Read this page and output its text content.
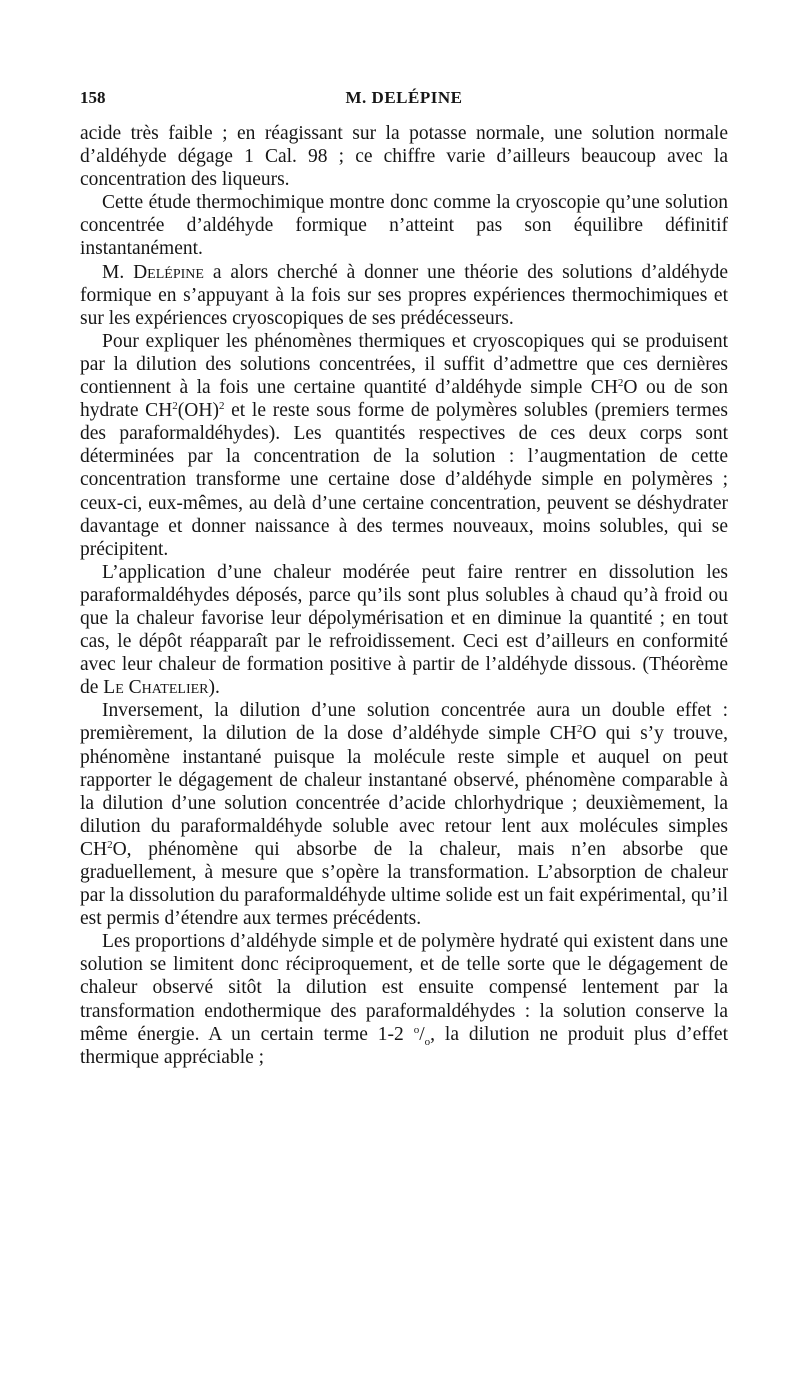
158	M. DELÉPINE

acide très faible ; en réagissant sur la potasse normale, une solution normale d’aldéhyde dégage 1 Cal. 98 ; ce chiffre varie d’ailleurs beaucoup avec la concentration des liqueurs.

Cette étude thermochimique montre donc comme la cryoscopie qu’une solution concentrée d’aldéhyde formique n’atteint pas son équilibre définitif instantanément.

M. Delépine a alors cherché à donner une théorie des solutions d’aldéhyde formique en s’appuyant à la fois sur ses propres expériences thermochimiques et sur les expériences cryoscopiques de ses prédécesseurs.

Pour expliquer les phénomènes thermiques et cryoscopiques qui se produisent par la dilution des solutions concentrées, il suffit d’admettre que ces dernières contiennent à la fois une certaine quantité d’aldéhyde simple $CH^2O$ ou de son hydrate $CH^2(OH)^2$ et le reste sous forme de polymères solubles (premiers termes des paraformaldéhydes). Les quantités respectives de ces deux corps sont déterminées par la concentration de la solution : l’augmentation de cette concentration transforme une certaine dose d’aldéhyde simple en polymères ; ceux-ci, eux-mêmes, au delà d’une certaine concentration, peuvent se déshydrater davantage et donner naissance à des termes nouveaux, moins solubles, qui se précipitent.

L’application d’une chaleur modérée peut faire rentrer en dissolution les paraformaldéhydes déposés, parce qu’ils sont plus solubles à chaud qu’à froid ou que la chaleur favorise leur dépolymérisation et en diminue la quantité ; en tout cas, le dépôt réapparaît par le refroidissement. Ceci est d’ailleurs en conformité avec leur chaleur de formation positive à partir de l’aldéhyde dissous. (Théorème de Le Chatelier).

Inversement, la dilution d’une solution concentrée aura un double effet : premièrement, la dilution de la dose d’aldéhyde simple $CH^2O$ qui s’y trouve, phénomène instantané puisque la molécule reste simple et auquel on peut rapporter le dégagement de chaleur instantané observé, phénomène comparable à la dilution d’une solution concentrée d’acide chlorhydrique ; deuxièmement, la dilution du paraformaldéhyde soluble avec retour lent aux molécules simples $CH^2O$, phénomène qui absorbe de la chaleur, mais n’en absorbe que graduellement, à mesure que s’opère la transformation. L’absorption de chaleur par la dissolution du paraformaldéhyde ultime solide est un fait expérimental, qu’il est permis d’étendre aux termes précédents.

Les proportions d’aldéhyde simple et de polymère hydraté qui existent dans une solution se limitent donc réciproquement, et de telle sorte que le dégagement de chaleur observé sitôt la dilution est ensuite compensé lentement par la transformation endothermique des paraformaldéhydes : la solution conserve la même énergie. A un certain terme 1-2 $^o/_o$, la dilution ne produit plus d’effet thermique appréciable ;
